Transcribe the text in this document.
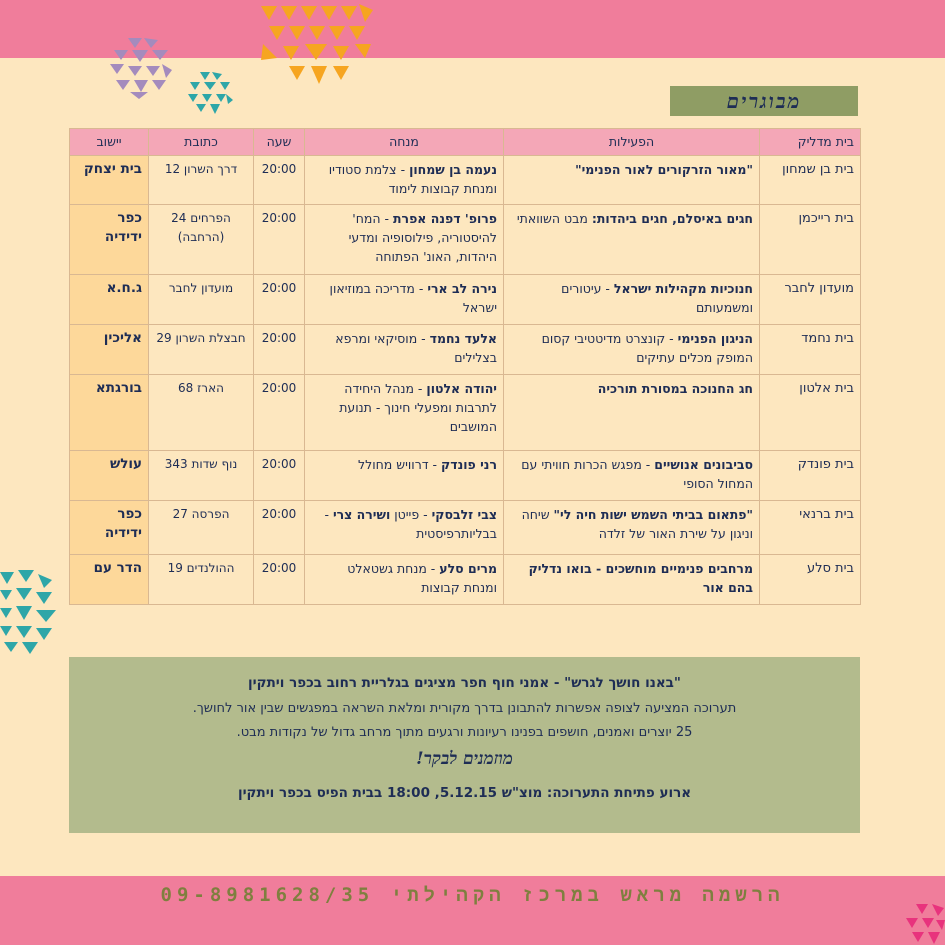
מבוגרים
בית מדליק	הפעילות	מנחה	שעה	כתובת	יישוב
בית בן שמחון	"מאור הזרקורים לאור הפנימי"	נעמה בן שמחון - צלמת סטודיו ומנחת קבוצות לימוד	20:00	דרך השרון 12	בית יצחק
בית רייכמן	חגים באיסלם, חגים ביהדות: מבט השוואתי	פרופ' דפנה אפרת - המח' להיסטוריה, פילוסופיה ומדעי היהדות, האונ' הפתוחה	20:00	הפרחים 24 (הרחבה)	כפר ידידיה
מועדון לחבר	חנוכיות מקהילות ישראל - עיטורים ומשמעותם	נירה לב ארי - מדריכה במוזיאון ישראל	20:00	מועדון לחבר	ג.ח.א
בית נחמד	הניגון הפנימי - קונצרט מדיטטיבי קסום המופק מכלים עתיקים	אלעד נחמד - מוסיקאי ומרפא בצלילים	20:00	חבצלת השרון 29	אליכין
בית אלטון	חג החנוכה במסורת תורכיה	יהודה אלטון - מנהל היחידה לתרבות ומפעלי חינוך - תנועת המושבים	20:00	הארז 68	בורגתא
בית פונדק	סביבונים אנושיים - מפגש הכרות חוויתי עם המחול הסופי	רני פונדק - דרוויש מחולל	20:00	נוף שדות 343	עולש
בית ברנאי	"פתאום בביתי השמש ישות חיה לי" שיחה וניגון על שירת האור של זלדה	צבי זלבסקי - פייטן ושירה צרי - בבליותרפיסטית	20:00	הפרסה 27	כפר ידידיה
בית סלע	מרחבים פנימיים מוחשכים - בואו נדליק בהם אור	מרים סלע - מנחת גשטאלט ומנחת קבוצות	20:00	ההולנדים 19	הדר עם
"באנו חושך לגרש" - אמני חוף חפר מציגים בגלריית רחוב בכפר ויתקין
תערוכה המציעה לצופה אפשרות להתבונן בדרך מקורית ומלאת השראה במפגשים שבין אור לחושך.
25 יוצרים ואמנים, חושפים בפנינו רעיונות ורגעים מתוך מרחב גדול של נקודות מבט.
מוזמנים לבקר!
ארוע פתיחת התערוכה: מוצ"ש 5.12.15, 18:00 בבית הפיס בכפר ויתקין
הרשמה מראש במרכז הקהילתי 09-8981628/35
